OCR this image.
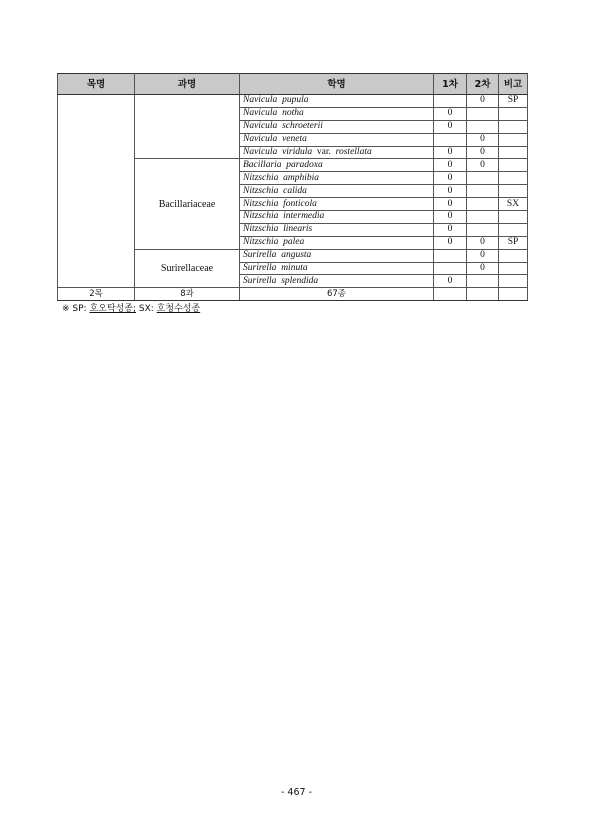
목명	과명	학명	1차	2차	비고
		Navicula pupula		0	SP
		Navicula notha	0		
		Navicula schroeterii	0		
		Navicula veneta		0	
		Navicula viridula var. rostellata	0	0	
	Bacillariaceae	Bacillaria paradoxa	0	0	
		Nitzschia amphibia	0		
		Nitzschia calida	0		
		Nitzschia fonticola	0		SX
		Nitzschia intermedia	0		
		Nitzschia linearis	0		
		Nitzschia palea	0	0	SP
	Surirellaceae	Surirella angusta		0	
		Surirella minuta		0	
		Surirella splendida	0		
2목	8과	67종			
※ SP: 호오탁성종; SX: 호청수성종
- 467 -
